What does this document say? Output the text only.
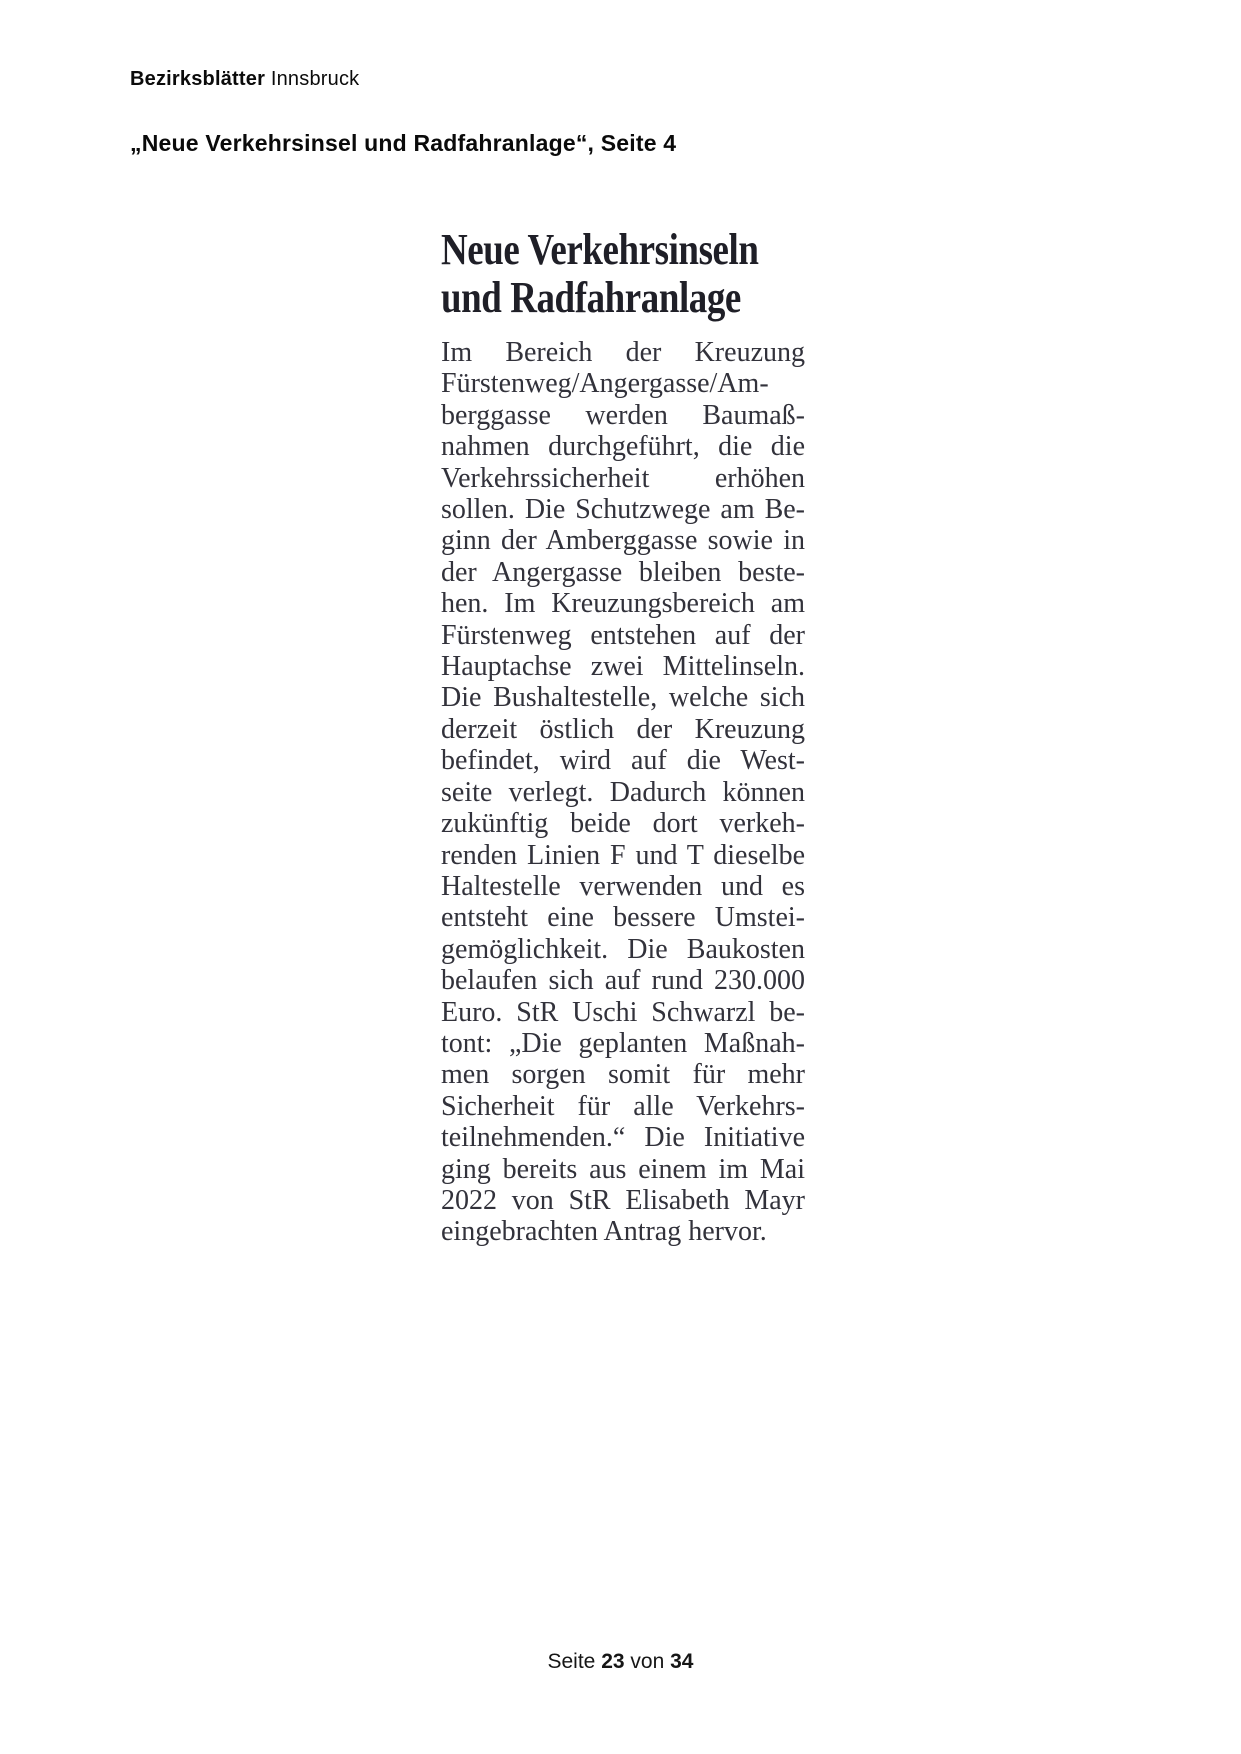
Bezirksblätter Innsbruck
„Neue Verkehrsinsel und Radfahranlage“, Seite 4
Neue Verkehrsinseln
und Radfahranlage
Im Bereich der Kreuzung
Fürstenweg/Angergasse/Am-
berggasse werden Baumaß-
nahmen durchgeführt, die die
Verkehrssicherheit erhöhen
sollen. Die Schutzwege am Be-
ginn der Amberggasse sowie in
der Angergasse bleiben beste-
hen. Im Kreuzungsbereich am
Fürstenweg entstehen auf der
Hauptachse zwei Mittelinseln.
Die Bushaltestelle, welche sich
derzeit östlich der Kreuzung
befindet, wird auf die West-
seite verlegt. Dadurch können
zukünftig beide dort verkeh-
renden Linien F und T dieselbe
Haltestelle verwenden und es
entsteht eine bessere Umstei-
gemöglichkeit. Die Baukosten
belaufen sich auf rund 230.000
Euro. StR Uschi Schwarzl be-
tont: „Die geplanten Maßnah-
men sorgen somit für mehr
Sicherheit für alle Verkehrs-
teilnehmenden.“ Die Initiative
ging bereits aus einem im Mai
2022 von StR Elisabeth Mayr
eingebrachten Antrag hervor.
Seite 23 von 34
